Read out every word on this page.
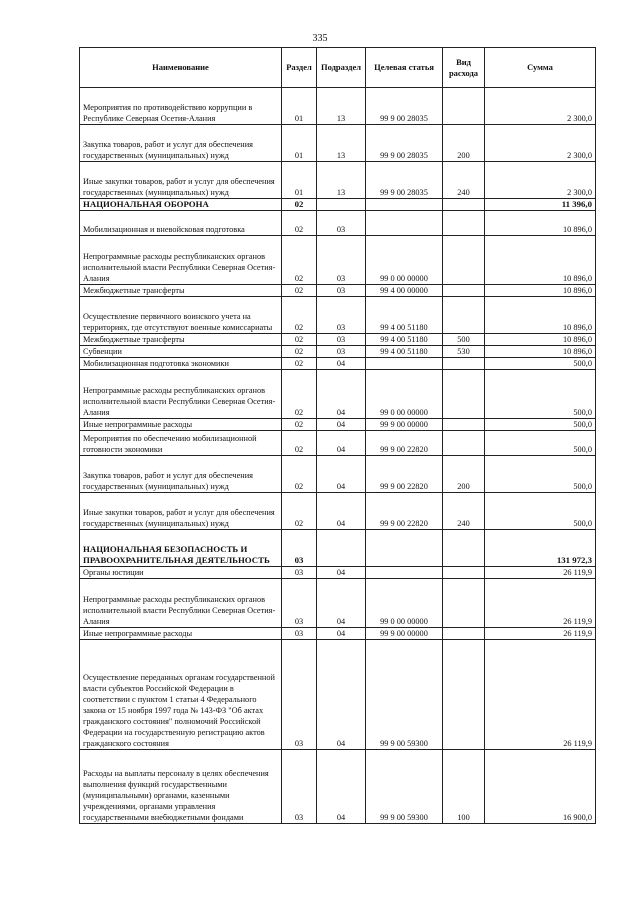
335
Наименование	Раздел	Подраздел	Целевая статья	Вид расхода	Сумма
Мероприятия по противодействию коррупции в Республике Северная Осетия-Алания	01	13	99 9 00 28035		2 300,0
Закупка товаров, работ и услуг для обеспечения государственных (муниципальных) нужд	01	13	99 9 00 28035	200	2 300,0
Иные закупки товаров, работ и услуг для обеспечения государственных (муниципальных) нужд	01	13	99 9 00 28035	240	2 300,0
НАЦИОНАЛЬНАЯ ОБОРОНА	02				11 396,0
Мобилизационная и вневойсковая подготовка	02	03			10 896,0
Непрограммные расходы республиканских органов исполнительной власти Республики Северная Осетия-Алания	02	03	99 0 00 00000		10 896,0
Межбюджетные трансферты	02	03	99 4 00 00000		10 896,0
Осуществление первичного воинского учета на территориях, где отсутствуют военные комиссариаты	02	03	99 4 00 51180		10 896,0
Межбюджетные трансферты	02	03	99 4 00 51180	500	10 896,0
Субвенции	02	03	99 4 00 51180	530	10 896,0
Мобилизационная подготовка экономики	02	04			500,0
Непрограммные расходы республиканских органов исполнительной власти Республики Северная Осетия-Алания	02	04	99 0 00 00000		500,0
Иные непрограммные расходы	02	04	99 9 00 00000		500,0
Мероприятия по обеспечению мобилизационной готовности экономики	02	04	99 9 00 22820		500,0
Закупка товаров, работ и услуг для обеспечения государственных (муниципальных) нужд	02	04	99 9 00 22820	200	500,0
Иные закупки товаров, работ и услуг для обеспечения государственных (муниципальных) нужд	02	04	99 9 00 22820	240	500,0
НАЦИОНАЛЬНАЯ БЕЗОПАСНОСТЬ И ПРАВООХРАНИТЕЛЬНАЯ ДЕЯТЕЛЬНОСТЬ	03				131 972,3
Органы юстиции	03	04			26 119,9
Непрограммные расходы республиканских органов исполнительной власти Республики Северная Осетия-Алания	03	04	99 0 00 00000		26 119,9
Иные непрограммные расходы	03	04	99 9 00 00000		26 119,9
Осуществление переданных органам государственной власти субъектов Российской Федерации в соответствии с пунктом 1 статьи 4 Федерального закона от 15 ноября 1997 года № 143-ФЗ "Об актах гражданского состояния" полномочий Российской Федерации на государственную регистрацию актов гражданского состояния	03	04	99 9 00 59300		26 119,9
Расходы на выплаты персоналу в целях обеспечения выполнения функций государственными (муниципальными) органами, казенными учреждениями, органами управления государственными внебюджетными фондами	03	04	99 9 00 59300	100	16 900,0
